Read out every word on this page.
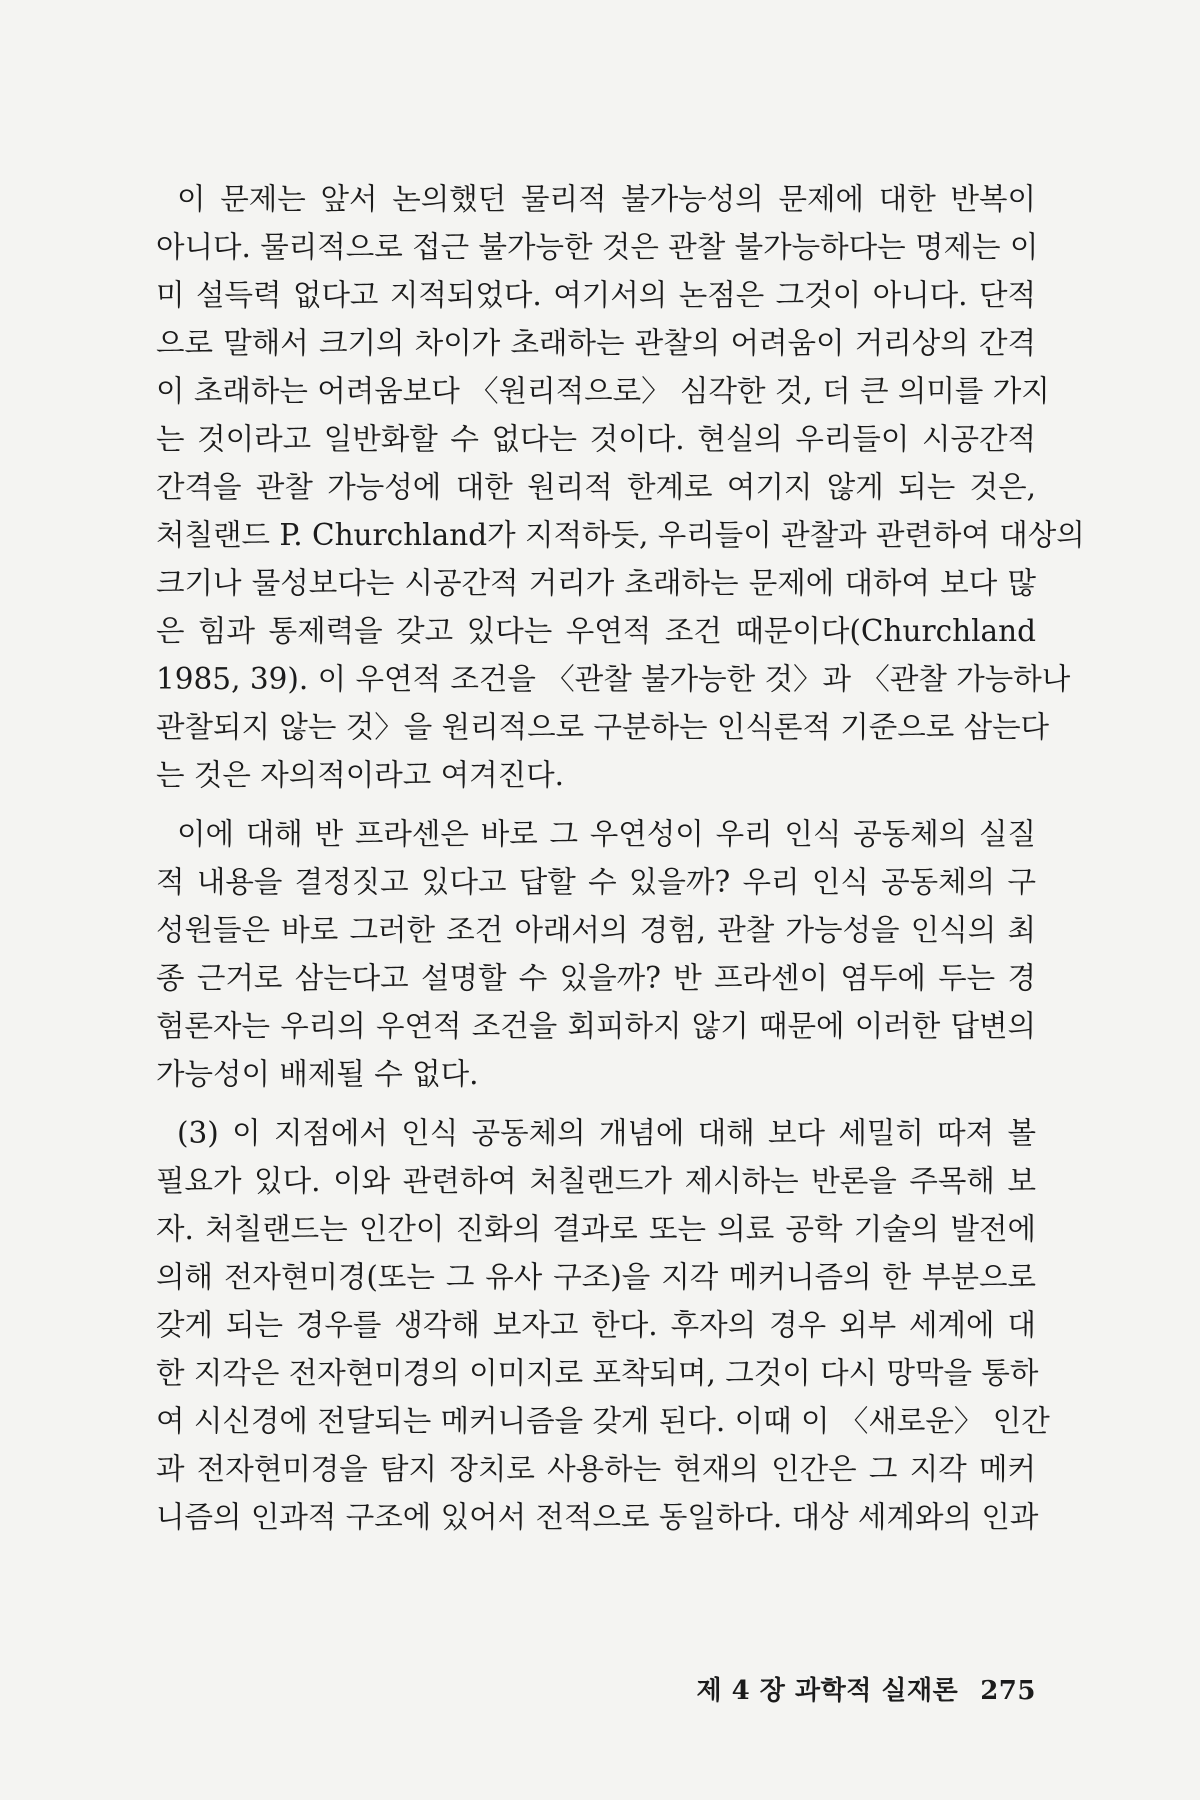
이 문제는 앞서 논의했던 물리적 불가능성의 문제에 대한 반복이
아니다. 물리적으로 접근 불가능한 것은 관찰 불가능하다는 명제는 이
미 설득력 없다고 지적되었다. 여기서의 논점은 그것이 아니다. 단적
으로 말해서 크기의 차이가 초래하는 관찰의 어려움이 거리상의 간격
이 초래하는 어려움보다 〈원리적으로〉 심각한 것, 더 큰 의미를 가지
는 것이라고 일반화할 수 없다는 것이다. 현실의 우리들이 시공간적
간격을 관찰 가능성에 대한 원리적 한계로 여기지 않게 되는 것은,
처칠랜드 P. Churchland가 지적하듯, 우리들이 관찰과 관련하여 대상의
크기나 물성보다는 시공간적 거리가 초래하는 문제에 대하여 보다 많
은 힘과 통제력을 갖고 있다는 우연적 조건 때문이다(Churchland
1985, 39). 이 우연적 조건을 〈관찰 불가능한 것〉과 〈관찰 가능하나
관찰되지 않는 것〉을 원리적으로 구분하는 인식론적 기준으로 삼는다
는 것은 자의적이라고 여겨진다.
이에 대해 반 프라센은 바로 그 우연성이 우리 인식 공동체의 실질
적 내용을 결정짓고 있다고 답할 수 있을까? 우리 인식 공동체의 구
성원들은 바로 그러한 조건 아래서의 경험, 관찰 가능성을 인식의 최
종 근거로 삼는다고 설명할 수 있을까? 반 프라센이 염두에 두는 경
험론자는 우리의 우연적 조건을 회피하지 않기 때문에 이러한 답변의
가능성이 배제될 수 없다.
(3) 이 지점에서 인식 공동체의 개념에 대해 보다 세밀히 따져 볼
필요가 있다. 이와 관련하여 처칠랜드가 제시하는 반론을 주목해 보
자. 처칠랜드는 인간이 진화의 결과로 또는 의료 공학 기술의 발전에
의해 전자현미경(또는 그 유사 구조)을 지각 메커니즘의 한 부분으로
갖게 되는 경우를 생각해 보자고 한다. 후자의 경우 외부 세계에 대
한 지각은 전자현미경의 이미지로 포착되며, 그것이 다시 망막을 통하
여 시신경에 전달되는 메커니즘을 갖게 된다. 이때 이 〈새로운〉 인간
과 전자현미경을 탐지 장치로 사용하는 현재의 인간은 그 지각 메커
니즘의 인과적 구조에 있어서 전적으로 동일하다. 대상 세계와의 인과

제 4 장 과학적 실재론 275
